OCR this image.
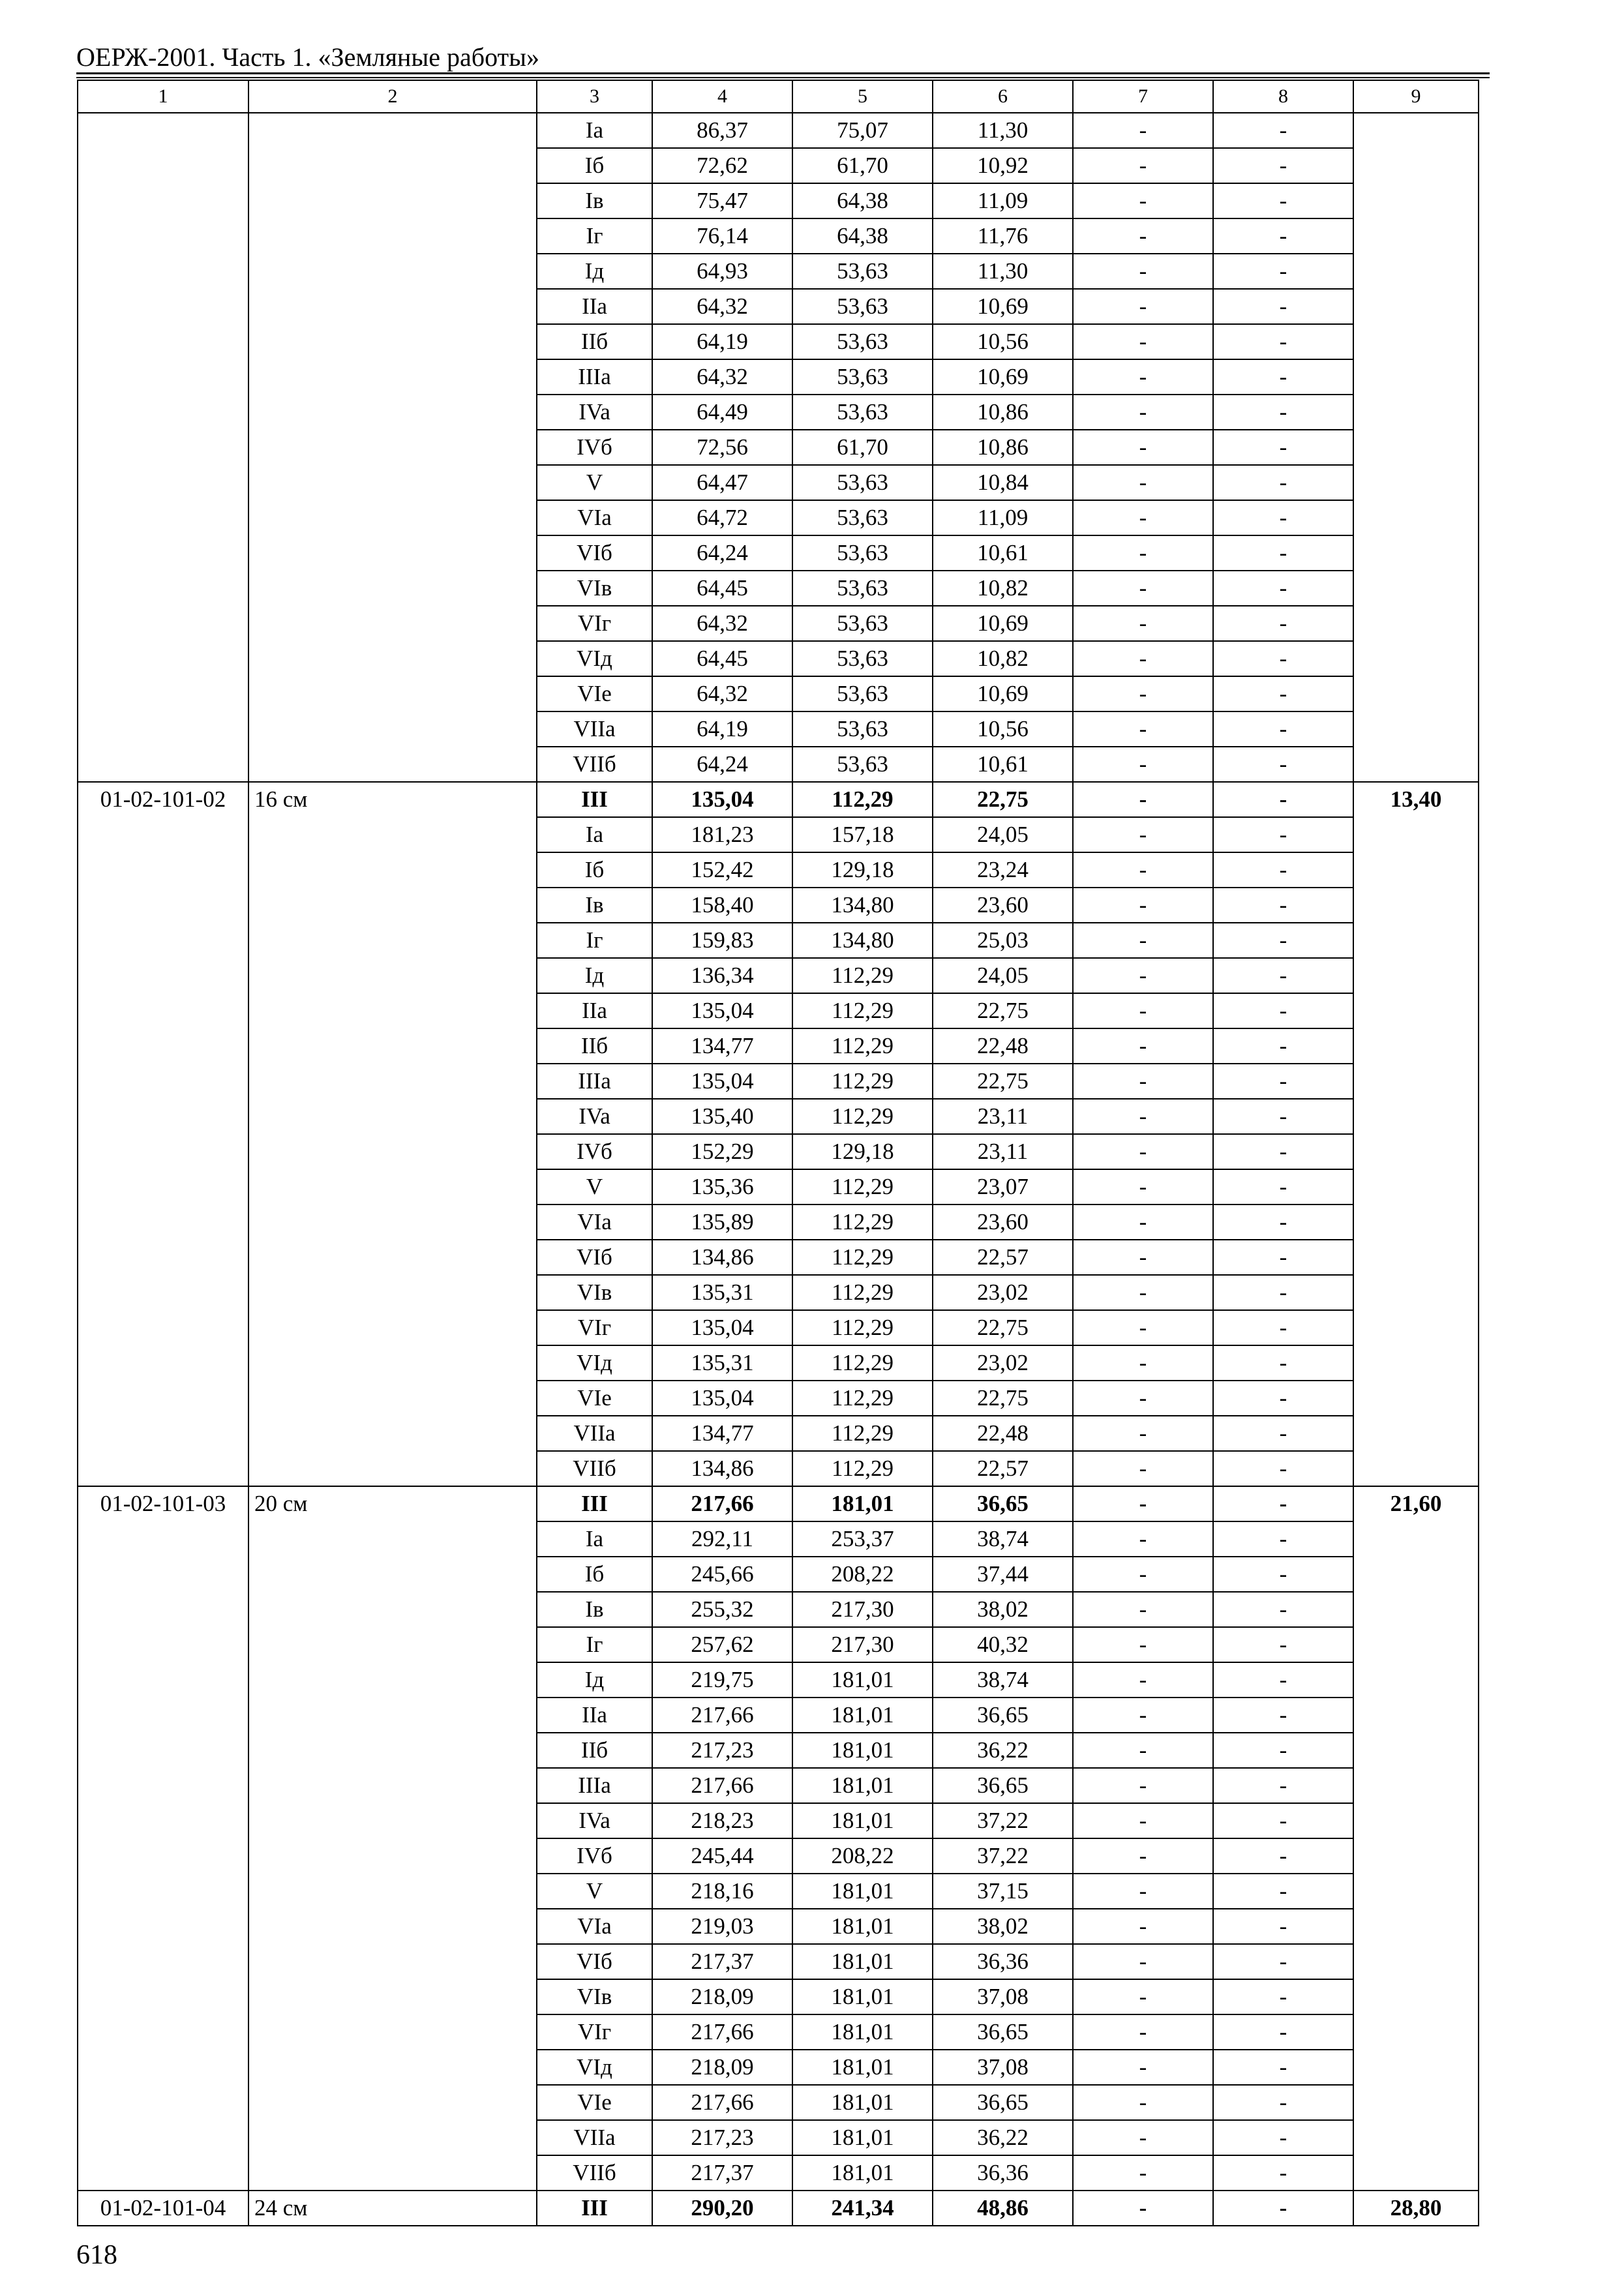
ОЕРЖ-2001. Часть 1. «Земляные работы»
1	2	3	4	5	6	7	8	9
		Ia	86,37	75,07	11,30	-	-	
		Iб	72,62	61,70	10,92	-	-	
		Iв	75,47	64,38	11,09	-	-	
		Iг	76,14	64,38	11,76	-	-	
		Iд	64,93	53,63	11,30	-	-	
		IIa	64,32	53,63	10,69	-	-	
		IIб	64,19	53,63	10,56	-	-	
		IIIa	64,32	53,63	10,69	-	-	
		IVa	64,49	53,63	10,86	-	-	
		IVб	72,56	61,70	10,86	-	-	
		V	64,47	53,63	10,84	-	-	
		VIa	64,72	53,63	11,09	-	-	
		VIб	64,24	53,63	10,61	-	-	
		VIв	64,45	53,63	10,82	-	-	
		VIг	64,32	53,63	10,69	-	-	
		VIд	64,45	53,63	10,82	-	-	
		VIe	64,32	53,63	10,69	-	-	
		VIIa	64,19	53,63	10,56	-	-	
		VIIб	64,24	53,63	10,61	-	-	
01-02-101-02	16 см	III	135,04	112,29	22,75	-	-	13,40
		Ia	181,23	157,18	24,05	-	-	
		Iб	152,42	129,18	23,24	-	-	
		Iв	158,40	134,80	23,60	-	-	
		Iг	159,83	134,80	25,03	-	-	
		Iд	136,34	112,29	24,05	-	-	
		IIa	135,04	112,29	22,75	-	-	
		IIб	134,77	112,29	22,48	-	-	
		IIIa	135,04	112,29	22,75	-	-	
		IVa	135,40	112,29	23,11	-	-	
		IVб	152,29	129,18	23,11	-	-	
		V	135,36	112,29	23,07	-	-	
		VIa	135,89	112,29	23,60	-	-	
		VIб	134,86	112,29	22,57	-	-	
		VIв	135,31	112,29	23,02	-	-	
		VIг	135,04	112,29	22,75	-	-	
		VIд	135,31	112,29	23,02	-	-	
		VIe	135,04	112,29	22,75	-	-	
		VIIa	134,77	112,29	22,48	-	-	
		VIIб	134,86	112,29	22,57	-	-	
01-02-101-03	20 см	III	217,66	181,01	36,65	-	-	21,60
		Ia	292,11	253,37	38,74	-	-	
		Iб	245,66	208,22	37,44	-	-	
		Iв	255,32	217,30	38,02	-	-	
		Iг	257,62	217,30	40,32	-	-	
		Iд	219,75	181,01	38,74	-	-	
		IIa	217,66	181,01	36,65	-	-	
		IIб	217,23	181,01	36,22	-	-	
		IIIa	217,66	181,01	36,65	-	-	
		IVa	218,23	181,01	37,22	-	-	
		IVб	245,44	208,22	37,22	-	-	
		V	218,16	181,01	37,15	-	-	
		VIa	219,03	181,01	38,02	-	-	
		VIб	217,37	181,01	36,36	-	-	
		VIв	218,09	181,01	37,08	-	-	
		VIг	217,66	181,01	36,65	-	-	
		VIд	218,09	181,01	37,08	-	-	
		VIe	217,66	181,01	36,65	-	-	
		VIIa	217,23	181,01	36,22	-	-	
		VIIб	217,37	181,01	36,36	-	-	
01-02-101-04	24 см	III	290,20	241,34	48,86	-	-	28,80
618
